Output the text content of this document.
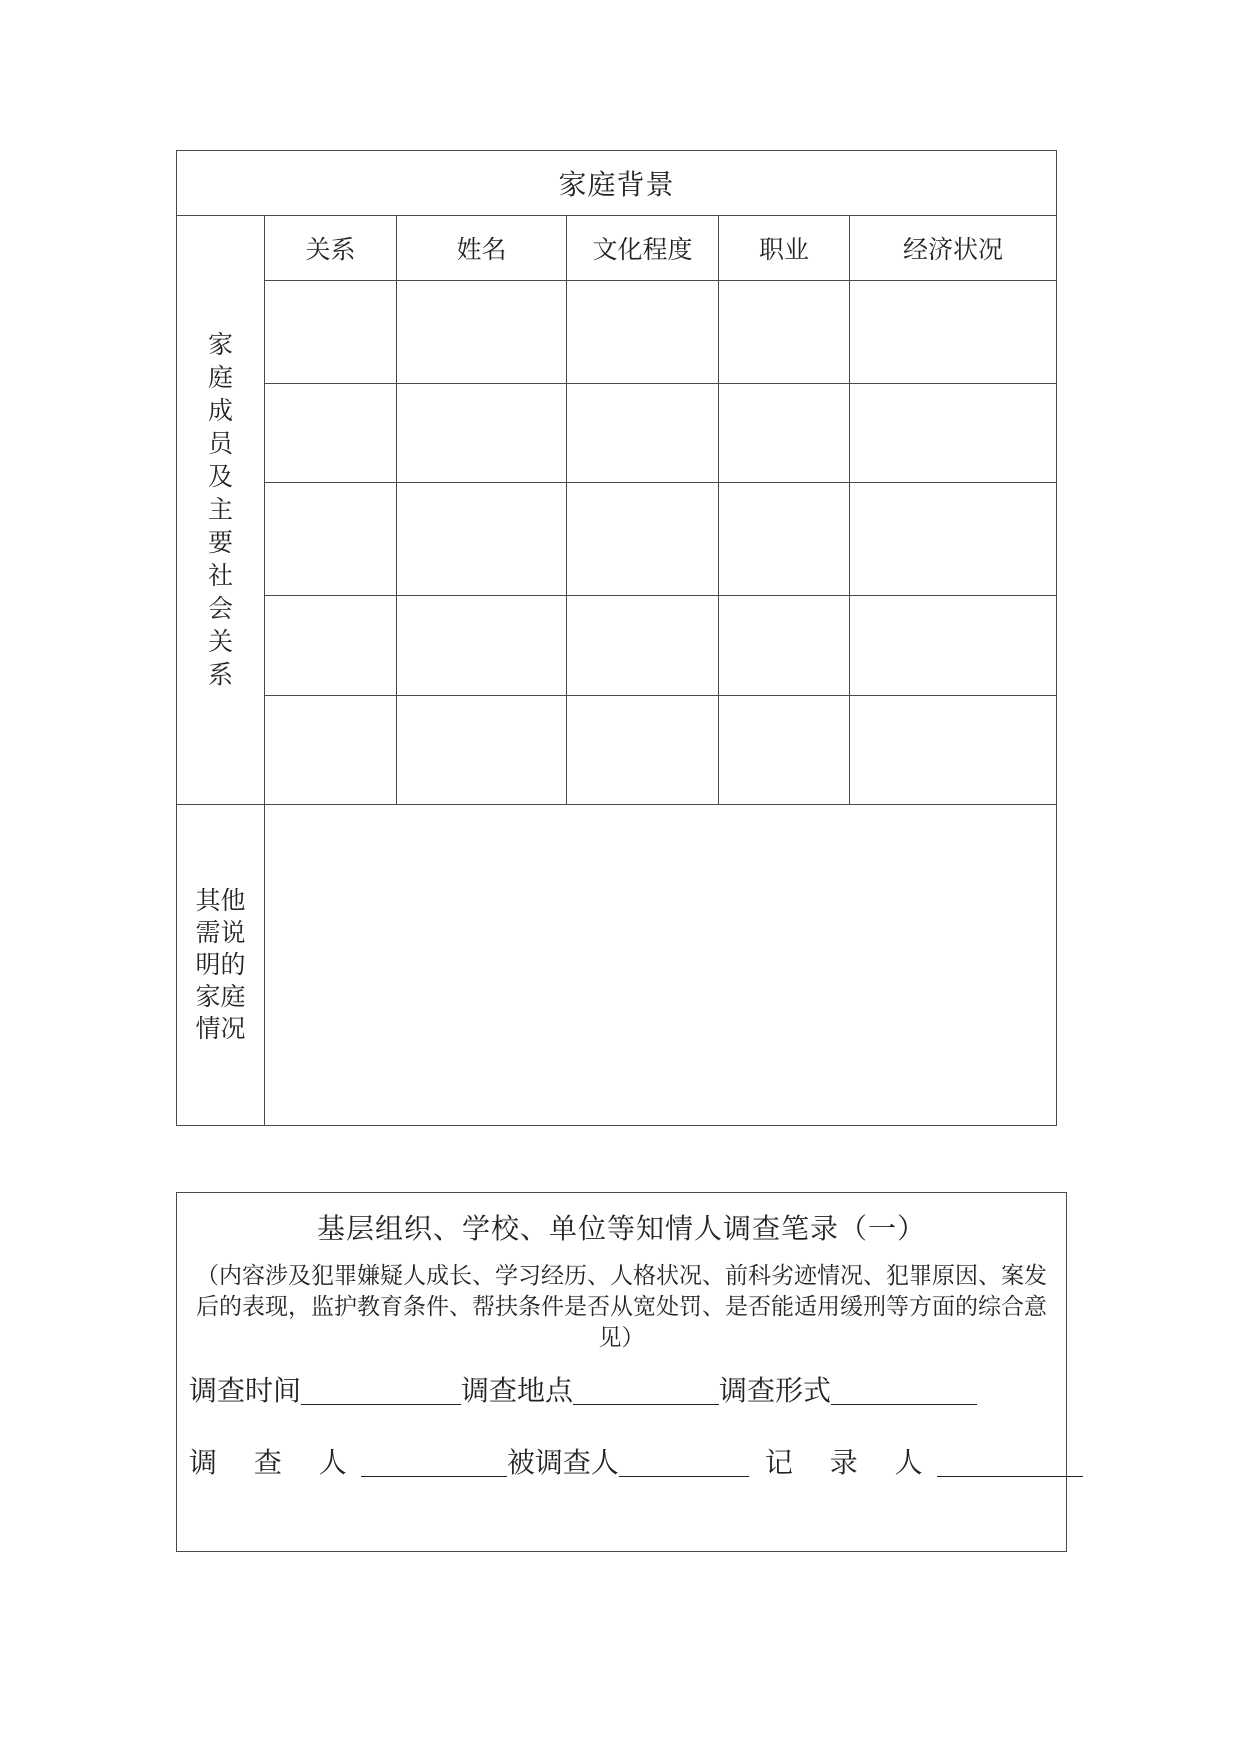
家庭背景					
家庭成员及主要社会关系	关系	姓名	文化程度	职业	经济状况

其他需说明的家庭情况					
基层组织、学校、单位等知情人调查笔录（一）
（内容涉及犯罪嫌疑人成长、学习经历、人格状况、前科劣迹情况、犯罪原因、案发后的表现，监护教育条件、帮扶条件是否从宽处罚、是否能适用缓刑等方面的综合意见）
调查时间	调查地点	调查形式
调 查 人	被调查人	记 录 人
